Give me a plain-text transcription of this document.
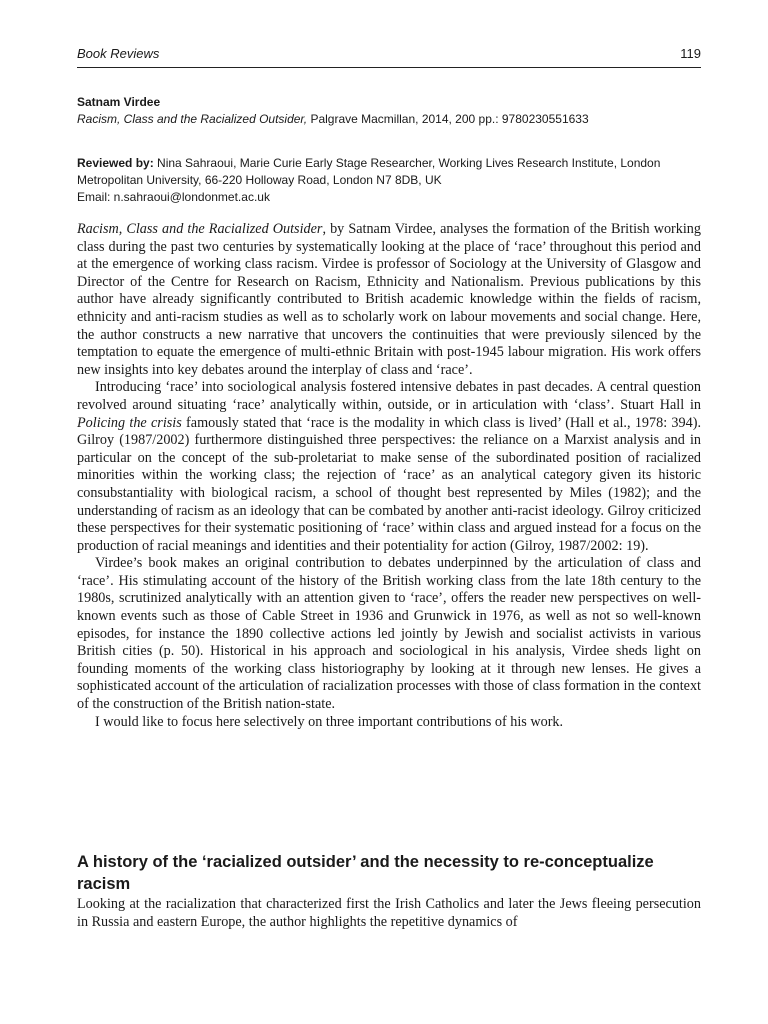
Book Reviews	119
Satnam Virdee
Racism, Class and the Racialized Outsider, Palgrave Macmillan, 2014, 200 pp.: 9780230551633
Reviewed by: Nina Sahraoui, Marie Curie Early Stage Researcher, Working Lives Research Institute, London Metropolitan University, 66-220 Holloway Road, London N7 8DB, UK
Email: n.sahraoui@londonmet.ac.uk

Racism, Class and the Racialized Outsider, by Satnam Virdee, analyses the formation of the British working class during the past two centuries by systematically looking at the place of ‘race’ throughout this period and at the emergence of working class racism. Virdee is professor of Sociology at the University of Glasgow and Director of the Centre for Research on Racism, Ethnicity and Nationalism. Previous publications by this author have already significantly contributed to British academic knowledge within the fields of racism, ethnicity and anti-racism studies as well as to scholarly work on labour movements and social change. Here, the author constructs a new narrative that uncovers the continuities that were previously silenced by the temptation to equate the emergence of multi-ethnic Britain with post-1945 labour migration. His work offers new insights into key debates around the interplay of class and ‘race’.

Introducing ‘race’ into sociological analysis fostered intensive debates in past decades. A central question revolved around situating ‘race’ analytically within, outside, or in articulation with ‘class’. Stuart Hall in Policing the crisis famously stated that ‘race is the modality in which class is lived’ (Hall et al., 1978: 394). Gilroy (1987/2002) furthermore distinguished three perspectives: the reliance on a Marxist analysis and in particular on the concept of the sub-proletariat to make sense of the subordinated position of racialized minorities within the working class; the rejection of ‘race’ as an analytical category given its historic consubstantiality with biological racism, a school of thought best represented by Miles (1982); and the understanding of racism as an ideology that can be combated by another anti-racist ideology. Gilroy criticized these perspectives for their systematic positioning of ‘race’ within class and argued instead for a focus on the production of racial meanings and identities and their potentiality for action (Gilroy, 1987/2002: 19).

Virdee’s book makes an original contribution to debates underpinned by the articulation of class and ‘race’. His stimulating account of the history of the British working class from the late 18th century to the 1980s, scrutinized analytically with an attention given to ‘race’, offers the reader new perspectives on well-known events such as those of Cable Street in 1936 and Grunwick in 1976, as well as not so well-known episodes, for instance the 1890 collective actions led jointly by Jewish and socialist activists in various British cities (p. 50). Historical in his approach and sociological in his analysis, Virdee sheds light on founding moments of the working class historiography by looking at it through new lenses. He gives a sophisticated account of the articulation of racialization processes with those of class formation in the context of the construction of the British nation-state.

I would like to focus here selectively on three important contributions of his work.

A history of the ‘racialized outsider’ and the necessity to re-conceptualize racism

Looking at the racialization that characterized first the Irish Catholics and later the Jews fleeing persecution in Russia and eastern Europe, the author highlights the repetitive dynamics of
